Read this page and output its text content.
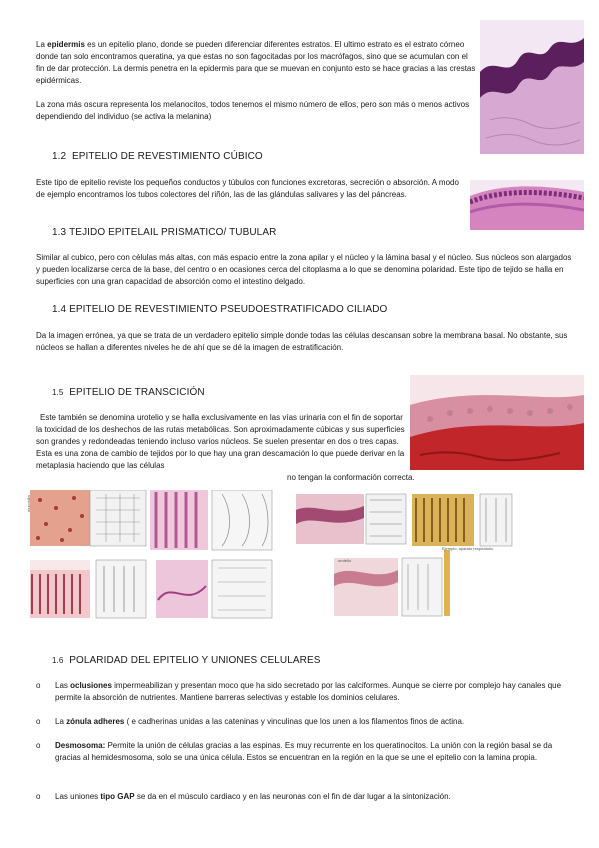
La epidermis es un epitelio plano, donde se pueden diferenciar diferentes estratos. El ultimo estrato es el estrato córneo donde tan solo encontramos queratina, ya que estas no son fagocitadas por los macrófagos, sino que se acumulan con el fin de dar protección. La dermis penetra en la epidermis para que se muevan en conjunto esto se hace gracias a las crestas epidérmicas.

La zona más oscura representa los melanocitos, todos tenemos el mismo número de ellos, pero son más o menos activos dependiendo del individuo (se activa la melanina)

1.2 EPITELIO DE REVESTIMIENTO CÚBICO

Este tipo de epitelio reviste los pequeños conductos y túbulos con funciones excretoras, secreción o absorción. A modo de ejemplo encontramos los tubos colectores del riñón, las de las glándulas salivares y las del páncreas.

1.3 TEJIDO EPITELAIL PRISMATICO/ TUBULAR

Similar al cubico, pero con células más altas, con más espacio entre la zona apilar y el núcleo y la lámina basal y el núcleo. Sus núcleos son alargados y pueden localizarse cerca de la base, del centro o en ocasiones cerca del citoplasma a lo que se denomina polaridad. Este tipo de tejido se halla en superficies con una gran capacidad de absorción como el intestino delgado.

1.4 EPITELIO DE REVESTIMIENTO PSEUDOESTRATIFICADO CILIADO

Da la imagen errónea, ya que se trata de un verdadero epitelio simple donde todas las células descansan sobre la membrana basal. No obstante, sus núcleos se hallan a diferentes niveles he de ahí que se dé la imagen de estratificación.

1.5 EPITELIO DE TRANSCICIÓN

Este también se denomina urotelio y se halla exclusivamente en las vías urinaria con el fin de soportar la toxicidad de los deshechos de las rutas metabólicas. Son aproximadamente cúbicas y sus superficies son grandes y redondeadas teniendo incluso varios núcleos. Se suelen presentar en dos o tres capas. Esta es una zona de cambio de tejidos por lo que hay una gran descamación lo que puede derivar en la metaplasia haciendo que las células

no tengan la conformación correcta.

mucosilla
Ejemplo: aparato respiratorio
urotelio
1.6 POLARIDAD DEL EPITELIO Y UNIONES CELULARES
o Las oclusiones impermeabilizan y presentan moco que ha sido secretado por las calciformes. Aunque se cierre por complejo hay canales que permite la absorción de nutrientes. Mantiene barreras selectivas y estable los dominios celulares.
o La zónula adheres ( e cadherinas unidas a las cateninas y vinculinas que los unen a los filamentos finos de actina.
o Desmosoma: Permite la unión de células gracias a las espinas. Es muy recurrente en los queratinocitos. La unión con la región basal se da gracias al hemidesmosoma, solo se una única célula. Estos se encuentran en la región en la que se une el epitelio con la lamina propia.
o Las uniones tipo GAP se da en el músculo cardiaco y en las neuronas con el fin de dar lugar a la sintonización.
